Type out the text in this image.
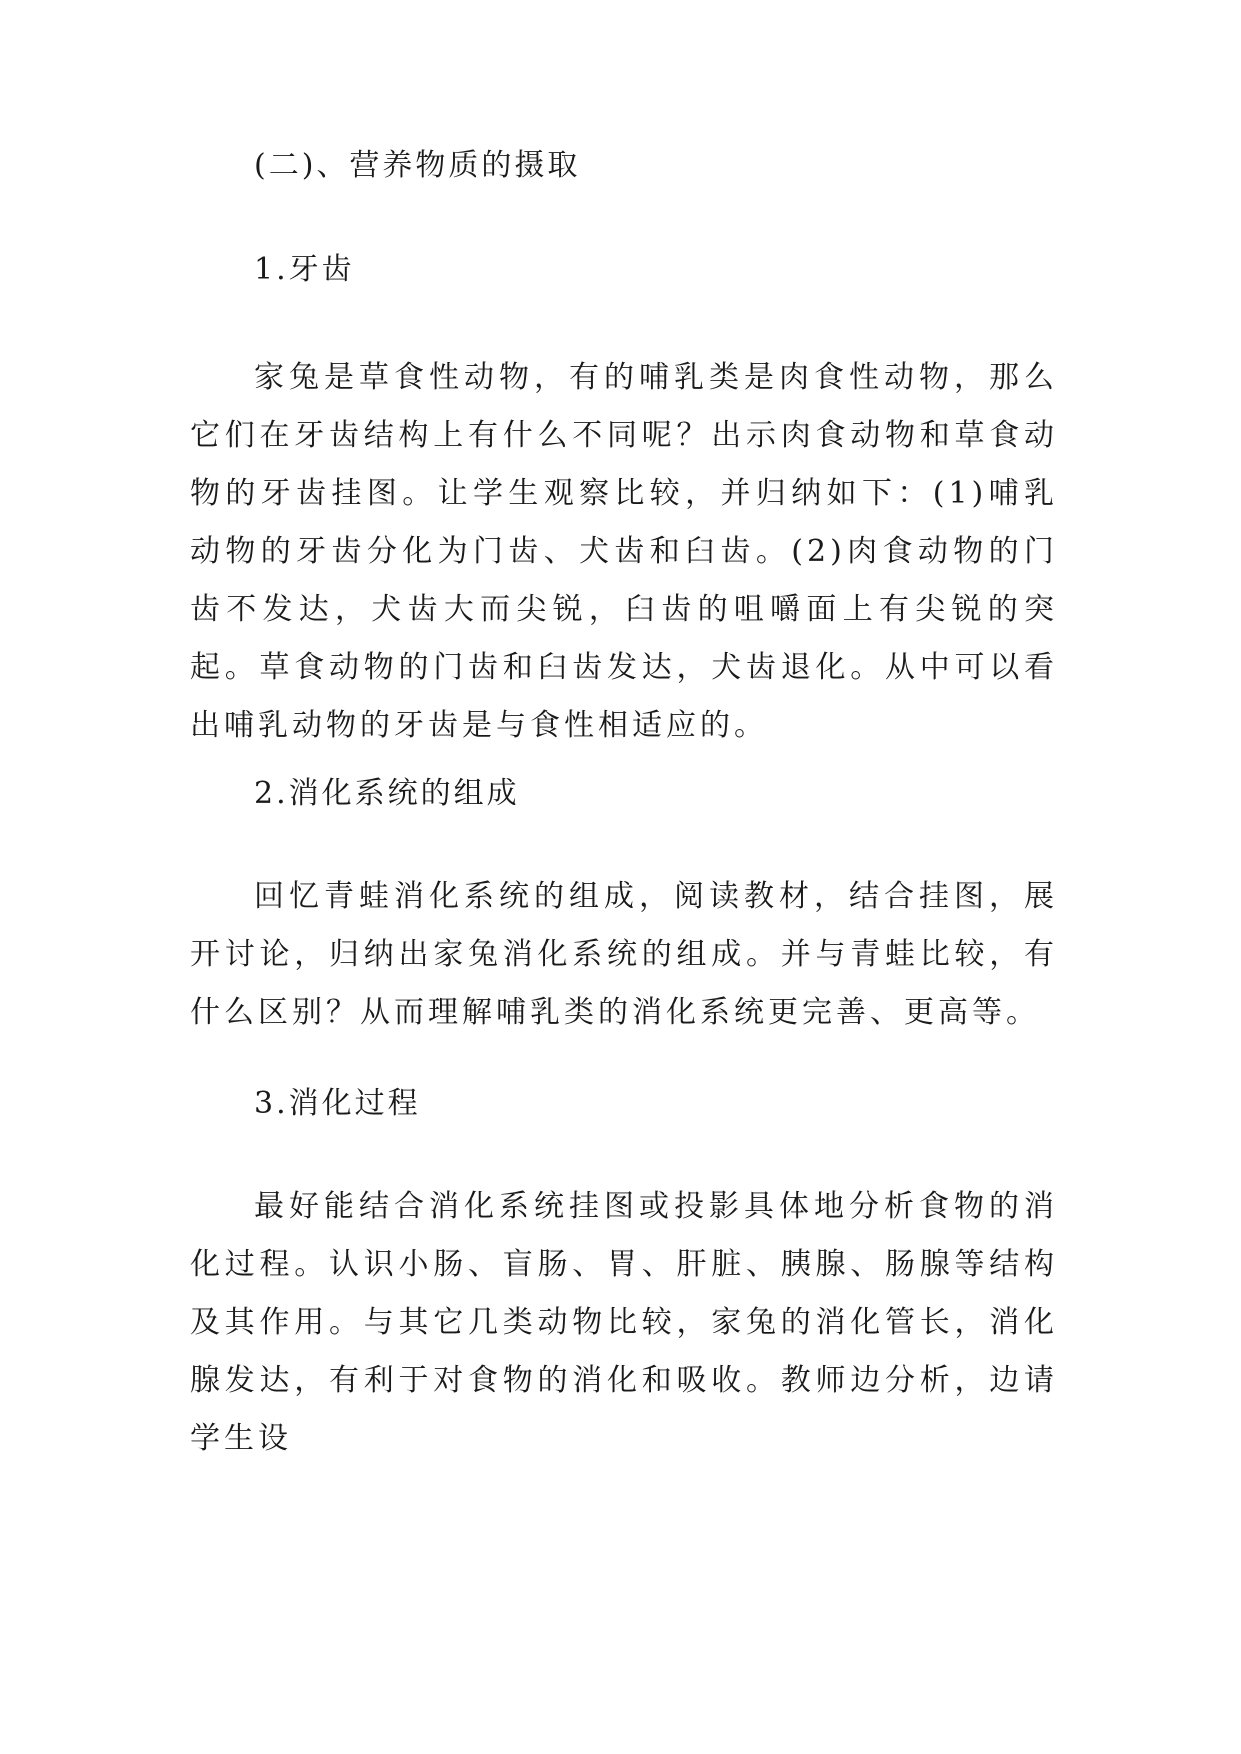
(二)、营养物质的摄取
1.牙齿

家兔是草食性动物，有的哺乳类是肉食性动物，那么它们在牙齿结构上有什么不同呢？出示肉食动物和草食动物的牙齿挂图。让学生观察比较，并归纳如下：(1)哺乳动物的牙齿分化为门齿、犬齿和臼齿。(2)肉食动物的门齿不发达，犬齿大而尖锐，臼齿的咀嚼面上有尖锐的突起。草食动物的门齿和臼齿发达，犬齿退化。从中可以看出哺乳动物的牙齿是与食性相适应的。

2.消化系统的组成

回忆青蛙消化系统的组成，阅读教材，结合挂图，展开讨论，归纳出家兔消化系统的组成。并与青蛙比较，有什么区别？从而理解哺乳类的消化系统更完善、更高等。

3.消化过程

最好能结合消化系统挂图或投影具体地分析食物的消化过程。认识小肠、盲肠、胃、肝脏、胰腺、肠腺等结构及其作用。与其它几类动物比较，家兔的消化管长，消化腺发达，有利于对食物的消化和吸收。教师边分析，边请学生设
